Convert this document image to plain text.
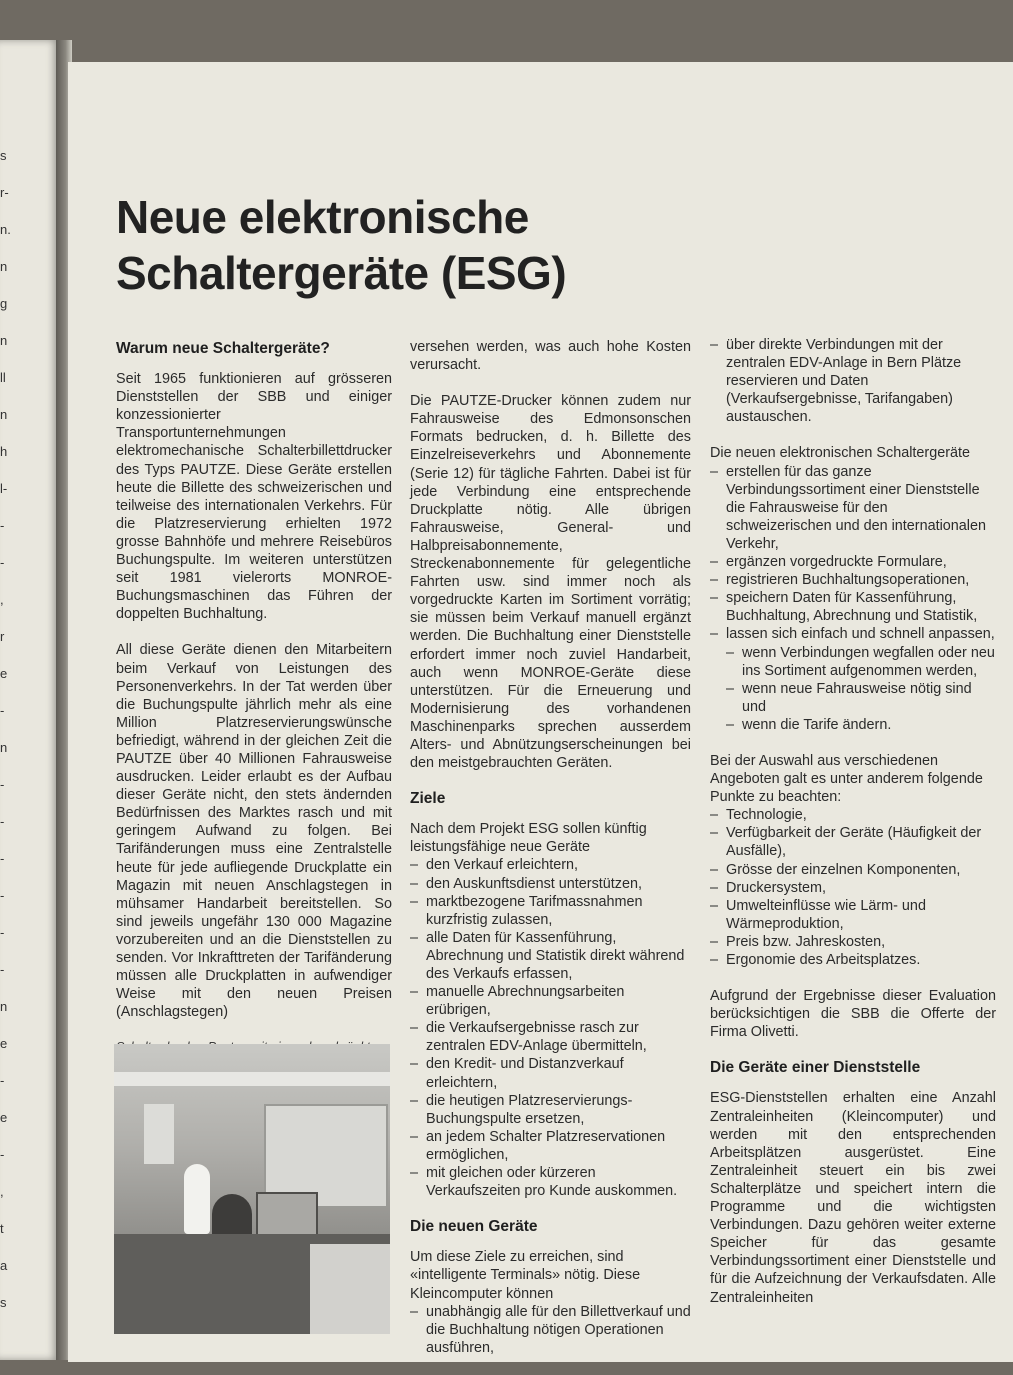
s
r-
n.
n
g
n
ll
n
h
l-
-
-
,
r
e
-
n
-
-
-
-
-
-
n
e
-
e
-
,
t
a
s
Neue elektronische
Schaltergeräte (ESG)
Warum neue Schaltergeräte?

Seit 1965 funktionieren auf grösseren Dienststellen der SBB und einiger konzessionierter Transportunternehmungen elektromechanische Schalterbillettdrucker des Typs PAUTZE. Diese Geräte erstellen heute die Billette des schweizerischen und teilweise des internationalen Verkehrs. Für die Platzreservierung erhielten 1972 grosse Bahnhöfe und mehrere Reisebüros Buchungspulte. Im weiteren unterstützen seit 1981 vielerorts MONROE-Buchungsmaschinen das Führen der doppelten Buchhaltung.

All diese Geräte dienen den Mitarbeitern beim Verkauf von Leistungen des Personenverkehrs. In der Tat werden über die Buchungspulte jährlich mehr als eine Million Platzreservierungswünsche befriedigt, während in der gleichen Zeit die PAUTZE über 40 Millionen Fahrausweise ausdrucken. Leider erlaubt es der Aufbau dieser Geräte nicht, den stets ändernden Bedürfnissen des Marktes rasch und mit geringem Aufwand zu folgen. Bei Tarifänderungen muss eine Zentralstelle heute für jede aufliegende Druckplatte ein Magazin mit neuen Anschlagstegen in mühsamer Handarbeit bereitstellen. So sind jeweils ungefähr 130 000 Magazine vorzubereiten und an die Dienststellen zu senden. Vor Inkrafttreten der Tarifänderung müssen alle Druckplatten in aufwendiger Weise mit den neuen Preisen (Anschlagstegen)

versehen werden, was auch hohe Kosten verursacht.

Die PAUTZE-Drucker können zudem nur Fahrausweise des Edmonsonschen Formats bedrucken, d. h. Billette des Einzelreiseverkehrs und Abonnemente (Serie 12) für tägliche Fahrten. Dabei ist für jede Verbindung eine entsprechende Druckplatte nötig. Alle übrigen Fahrausweise, General- und Halbpreisabonnemente, Streckenabonnemente für gelegentliche Fahrten usw. sind immer noch als vorgedruckte Karten im Sortiment vorrätig; sie müssen beim Verkauf manuell ergänzt werden. Die Buchhaltung einer Dienststelle erfordert immer noch zuviel Handarbeit, auch wenn MONROE-Geräte diese unterstützen. Für die Erneuerung und Modernisierung des vorhandenen Maschinenparks sprechen ausserdem Alters- und Abnützungserscheinungen bei den meistgebrauchten Geräten.

Ziele
Nach dem Projekt ESG sollen künftig leistungsfähige neue Geräte
– den Verkauf erleichtern,
– den Auskunftsdienst unterstützen,
– marktbezogene Tarifmassnahmen kurzfristig zulassen,
– alle Daten für Kassenführung, Abrechnung und Statistik direkt während des Verkaufs erfassen,
– manuelle Abrechnungsarbeiten erübrigen,
– die Verkaufsergebnisse rasch zur zentralen EDV-Anlage übermitteln,
– den Kredit- und Distanzverkauf erleichtern,
– die heutigen Platzreservierungs-Buchungspulte ersetzen,
– an jedem Schalter Platzreservationen ermöglichen,
– mit gleichen oder kürzeren Verkaufszeiten pro Kunde auskommen.
Die neuen Geräte
Um diese Ziele zu erreichen, sind «intelligente Terminals» nötig. Diese Kleincomputer können
– unabhängig alle für den Billettverkauf und die Buchhaltung nötigen Operationen ausführen,
– über direkte Verbindungen mit der zentralen EDV-Anlage in Bern Plätze reservieren und Daten (Verkaufsergebnisse, Tarifangaben) austauschen.
Die neuen elektronischen Schaltergeräte
– erstellen für das ganze Verbindungssortiment einer Dienststelle die Fahrausweise für den schweizerischen und den internationalen Verkehr,
– ergänzen vorgedruckte Formulare,
– registrieren Buchhaltungsoperationen,
– speichern Daten für Kassenführung, Buchhaltung, Abrechnung und Statistik,
– lassen sich einfach und schnell anpassen,
– wenn Verbindungen wegfallen oder neu ins Sortiment aufgenommen werden,
– wenn neue Fahrausweise nötig sind und
– wenn die Tarife ändern.
Bei der Auswahl aus verschiedenen Angeboten galt es unter anderem folgende Punkte zu beachten:
– Technologie,
– Verfügbarkeit der Geräte (Häufigkeit der Ausfälle),
– Grösse der einzelnen Komponenten,
– Druckersystem,
– Umwelteinflüsse wie Lärm- und Wärmeproduktion,
– Preis bzw. Jahreskosten,
– Ergonomie des Arbeitsplatzes.

Aufgrund der Ergebnisse dieser Evaluation berücksichtigen die SBB die Offerte der Firma Olivetti.

Die Geräte einer Dienststelle

ESG-Dienststellen erhalten eine Anzahl Zentraleinheiten (Kleincomputer) und werden mit den entsprechenden Arbeitsplätzen ausgerüstet. Eine Zentraleinheit steuert ein bis zwei Schalterplätze und speichert intern die Programme und die wichtigsten Verbindungen. Dazu gehören weiter externe Speicher für das gesamte Verbindungssortiment einer Dienststelle und für die Aufzeichnung der Verkaufsdaten. Alle Zentraleinheiten
